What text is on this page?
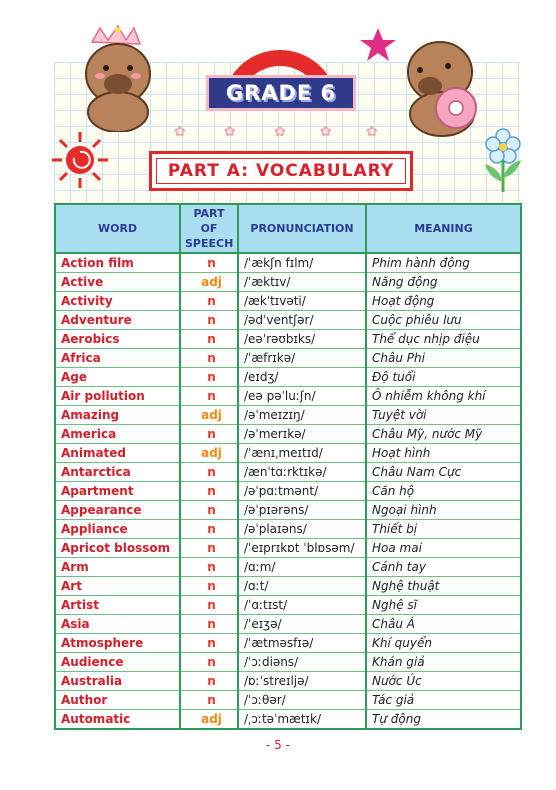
✿	✿	✿ ✿ ✿
GRADE 6
PART A: VOCABULARY
WORD	PART OF SPEECH	PRONUNCIATION	MEANING
Action film	n	/ˈækʃn fɪlm/	Phim hành động
Active	adj	/ˈæktɪv/	Năng động
Activity	n	/ækˈtɪvəti/	Hoạt động
Adventure	n	/ədˈventʃər/	Cuộc phiêu lưu
Aerobics	n	/eəˈrəʊbɪks/	Thể dục nhịp điệu
Africa	n	/ˈæfrɪkə/	Châu Phi
Age	n	/eɪdʒ/	Độ tuổi
Air pollution	n	/eə pəˈluːʃn/	Ô nhiễm không khí
Amazing	adj	/əˈmeɪzɪŋ/	Tuyệt vời
America	n	/əˈmerɪkə/	Châu Mỹ, nước Mỹ
Animated	adj	/ˈænɪˌmeɪtɪd/	Hoạt hình
Antarctica	n	/ænˈtɑːrktɪkə/	Châu Nam Cực
Apartment	n	/əˈpɑːtmənt/	Căn hộ
Appearance	n	/əˈpɪərəns/	Ngoại hình
Appliance	n	/əˈplaɪəns/	Thiết bị
Apricot blossom	n	/ˈeɪprɪkɒt ˈblɒsəm/	Hoa mai
Arm	n	/ɑːm/	Cánh tay
Art	n	/ɑːt/	Nghệ thuật
Artist	n	/ˈɑːtɪst/	Nghệ sĩ
Asia	n	/ˈeɪʒə/	Châu Á
Atmosphere	n	/ˈætməsfɪə/	Khí quyển
Audience	n	/ˈɔːdiəns/	Khán giả
Australia	n	/ɒːˈstreɪljə/	Nước Úc
Author	n	/ˈɔːθər/	Tác giả
Automatic	adj	/ˌɔːtəˈmætɪk/	Tự động
- 5 -
